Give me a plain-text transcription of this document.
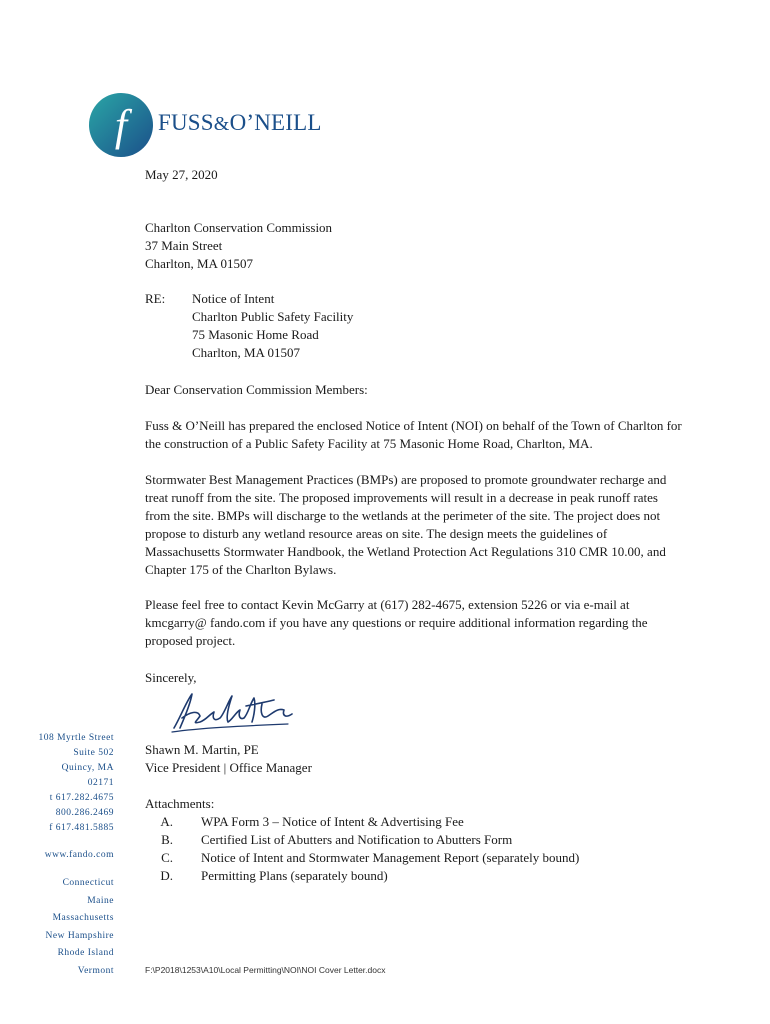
f FUSS&O’NEILL
May 27, 2020
Charlton Conservation Commission
37 Main Street
Charlton, MA 01507
RE: Notice of Intent
Charlton Public Safety Facility
75 Masonic Home Road
Charlton, MA 01507
Dear Conservation Commission Members:
Fuss & O’Neill has prepared the enclosed Notice of Intent (NOI) on behalf of the Town of Charlton for the construction of a Public Safety Facility at 75 Masonic Home Road, Charlton, MA.
Stormwater Best Management Practices (BMPs) are proposed to promote groundwater recharge and treat runoff from the site. The proposed improvements will result in a decrease in peak runoff rates from the site. BMPs will discharge to the wetlands at the perimeter of the site. The project does not propose to disturb any wetland resource areas on site. The design meets the guidelines of Massachusetts Stormwater Handbook, the Wetland Protection Act Regulations 310 CMR 10.00, and Chapter 175 of the Charlton Bylaws.
Please feel free to contact Kevin McGarry at (617) 282-4675, extension 5226 or via e-mail at kmcgarry@ fando.com if you have any questions or require additional information regarding the proposed project.
Sincerely,
Shawn M. Martin, PE
Vice President | Office Manager
Attachments:
A.	WPA Form 3 – Notice of Intent & Advertising Fee
B.	Certified List of Abutters and Notification to Abutters Form
C.	Notice of Intent and Stormwater Management Report (separately bound)
D.	Permitting Plans (separately bound)
108 Myrtle Street
Suite 502
Quincy, MA
02171
t 617.282.4675
800.286.2469
f 617.481.5885
www.fando.com
Connecticut
Maine
Massachusetts
New Hampshire
Rhode Island
Vermont	F:\P2018\1253\A10\Local Permitting\NOI\NOI Cover Letter.docx
